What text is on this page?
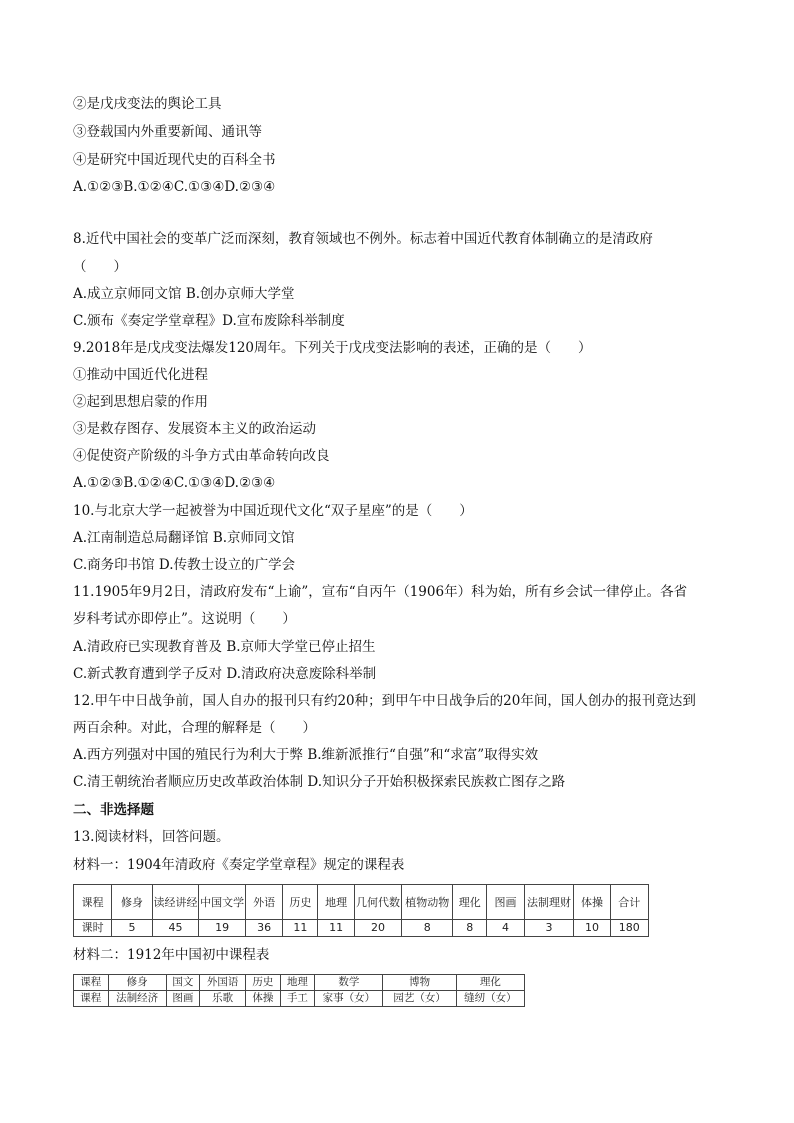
②是戊戌变法的舆论工具
③登载国内外重要新闻、通讯等
④是研究中国近现代史的百科全书
A.①②③B.①②④C.①③④D.②③④
8.近代中国社会的变革广泛而深刻，教育领域也不例外。标志着中国近代教育体制确立的是清政府
（　　）
A.成立京师同文馆 B.创办京师大学堂
C.颁布《奏定学堂章程》D.宣布废除科举制度
9.2018年是戊戌变法爆发120周年。下列关于戊戌变法影响的表述，正确的是（　　）
①推动中国近代化进程
②起到思想启蒙的作用
③是救存图存、发展资本主义的政治运动
④促使资产阶级的斗争方式由革命转向改良
A.①②③B.①②④C.①③④D.②③④
10.与北京大学一起被誉为中国近现代文化“双子星座”的是（　　）
A.江南制造总局翻译馆 B.京师同文馆
C.商务印书馆 D.传教士设立的广学会
11.1905年9月2日，清政府发布“上谕”，宣布“自丙午（1906年）科为始，所有乡会试一律停止。各省
岁科考试亦即停止”。这说明（　　）
A.清政府已实现教育普及 B.京师大学堂已停止招生
C.新式教育遭到学子反对 D.清政府决意废除科举制
12.甲午中日战争前，国人自办的报刊只有约20种；到甲午中日战争后的20年间，国人创办的报刊竟达到
两百余种。对此，合理的解释是（　　）
A.西方列强对中国的殖民行为利大于弊 B.维新派推行“自强”和“求富”取得实效
C.清王朝统治者顺应历史改革政治体制 D.知识分子开始积极探索民族救亡图存之路
二、非选择题
13.阅读材料，回答问题。
材料一：1904年清政府《奏定学堂章程》规定的课程表
课程	修身	读经讲经	中国文学	外语	历史	地理	几何代数	植物动物	理化	图画	法制理财	体操	合计
课时	5	45	19	36	11	11	20	8	8	4	3	10	180
材料二：1912年中国初中课程表
课程	修身	国文	外国语	历史	地理	数学	博物	理化
课程	法制经济	图画	乐歌	体操	手工	家事（女）	园艺（女）	缝纫（女）
